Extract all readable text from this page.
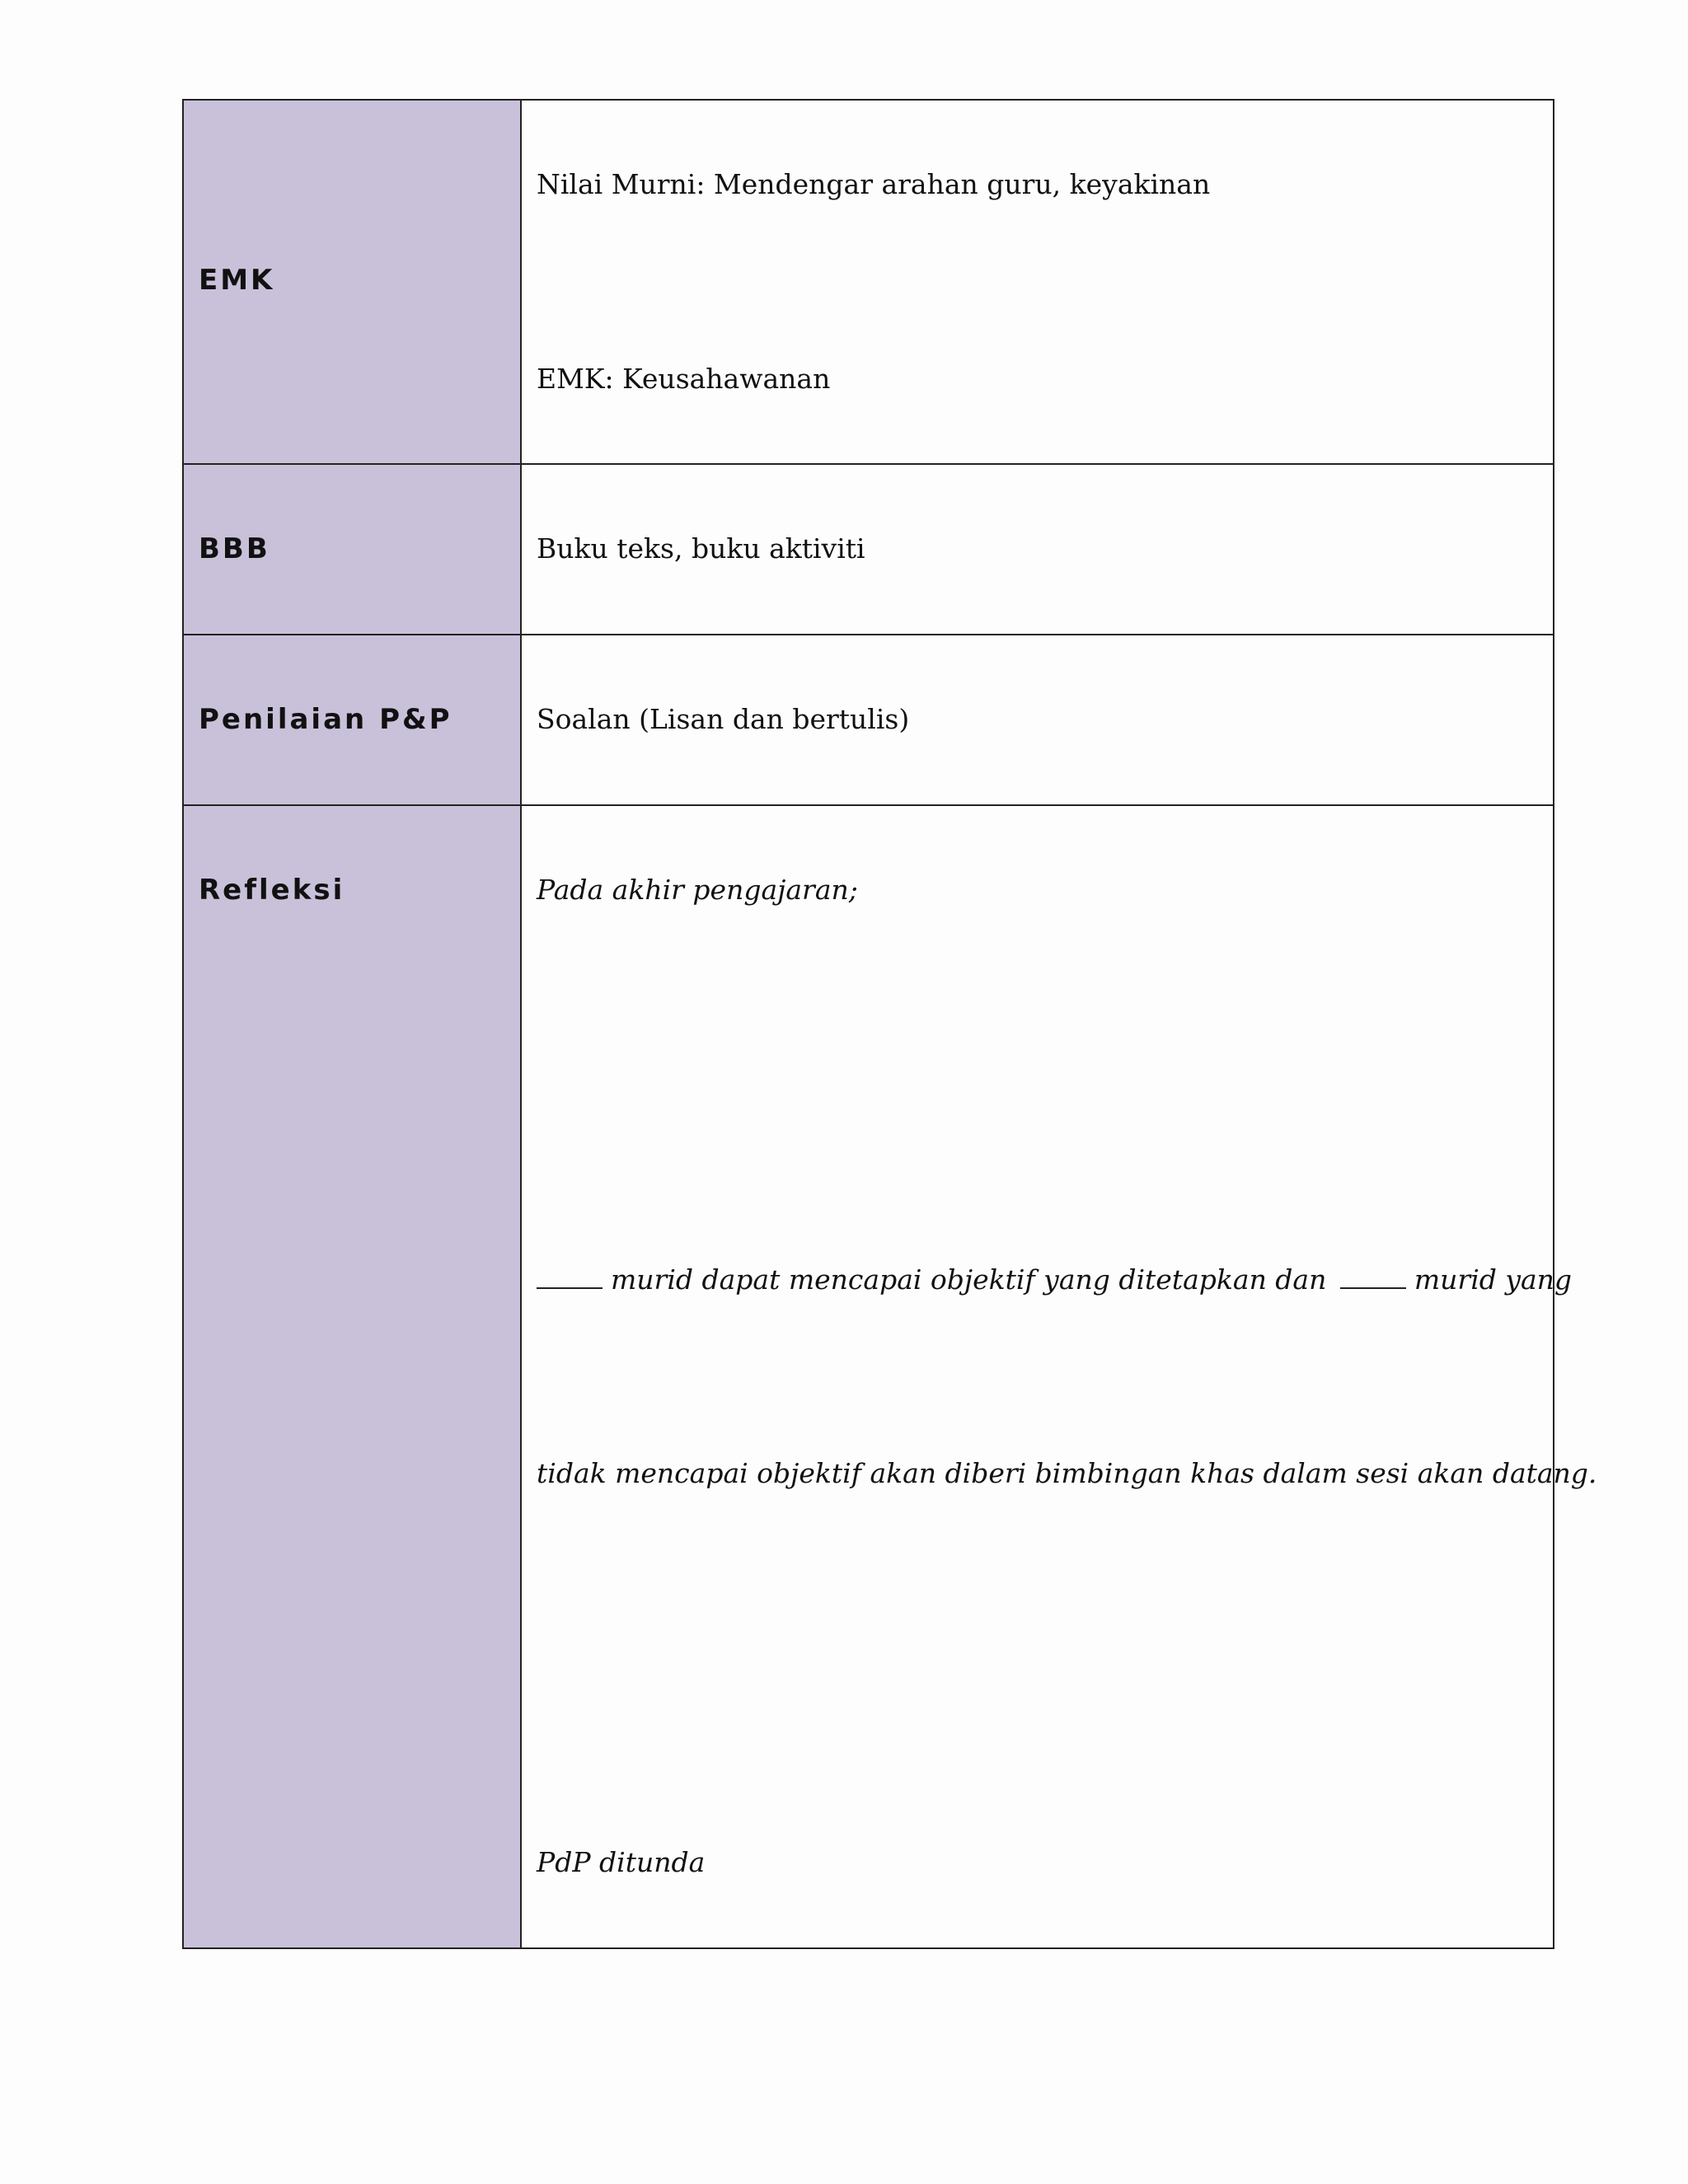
EMK	Nilai Murni: Mendengar arahan guru, keyakinan
EMK: Keusahawanan

BBB	Buku teks, buku aktiviti

Penilaian P&P	Soalan (Lisan dan bertulis)

Refleksi	Pada akhir pengajaran;
murid dapat mencapai objektif yang ditetapkan dan murid yang
tidak mencapai objektif akan diberi bimbingan khas dalam sesi akan datang.
PdP ditunda
